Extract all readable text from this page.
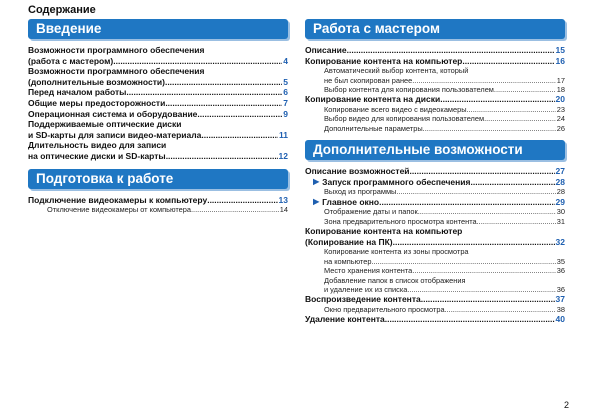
Содержание
Введение
Возможности программного обеспечения
(работа с мастером) .....	4
Возможности программного обеспечения
(дополнительные возможности) .....	5
Перед началом работы .....	6
Общие меры предосторожности .....	7
Операционная система и оборудование .....	9
Поддерживаемые оптические диски
и SD-карты для записи видео-материала .....	11
Длительность видео для записи
на оптические диски и SD-карты .....	12
Подготовка к работе
Подключение видеокамеры к компьютеру .....	13
Отключение видеокамеры от компьютера .....	14
Работа с мастером
Описание .....	15
Копирование контента на компьютер .....	16
Автоматический выбор контента, который
не был скопирован ранее .....	17
Выбор контента для копирования пользователем .....	18
Копирование контента на диски .....	20
Копирование всего видео с видеокамеры .....	23
Выбор видео для копирования пользователем .....	24
Дополнительные параметры .....	26
Дополнительные возможности
Описание возможностей .....	27
▶ Запуск программного обеспечения .....	28
Выход из программы .....	28
▶ Главное окно .....	29
Отображение даты и папок .....	30
Зона предварительного просмотра контента .....	31
Копирование контента на компьютер
(Копирование на ПК) .....	32
Копирование контента из зоны просмотра
на компьютер .....	35
Место хранения контента .....	36
Добавление папок в список отображения
и удаление их из списка .....	36
Воспроизведение контента .....	37
Окно предварительного просмотра .....	38
Удаление контента .....	40
2
